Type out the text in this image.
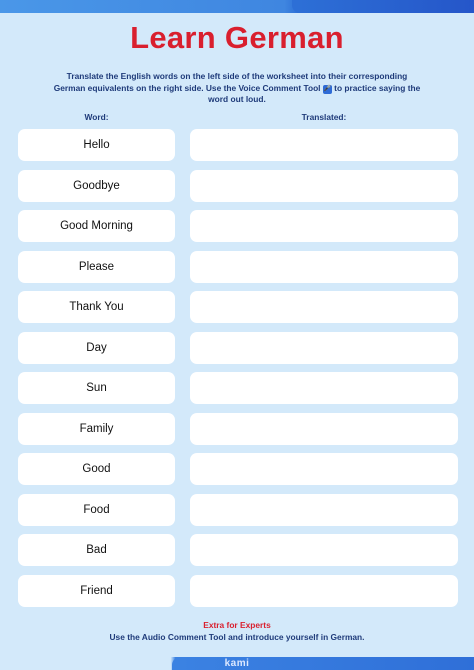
Learn German
Translate the English words on the left side of the worksheet into their corresponding German equivalents on the right side. Use the Voice Comment Tool 🎤 to practice saying the word out loud.
Word:	Translated:
Hello
Goodbye
Good Morning
Please
Thank You
Day
Sun
Family
Good
Food
Bad
Friend
Extra for Experts
Use the Audio Comment Tool and introduce yourself in German.
kami
